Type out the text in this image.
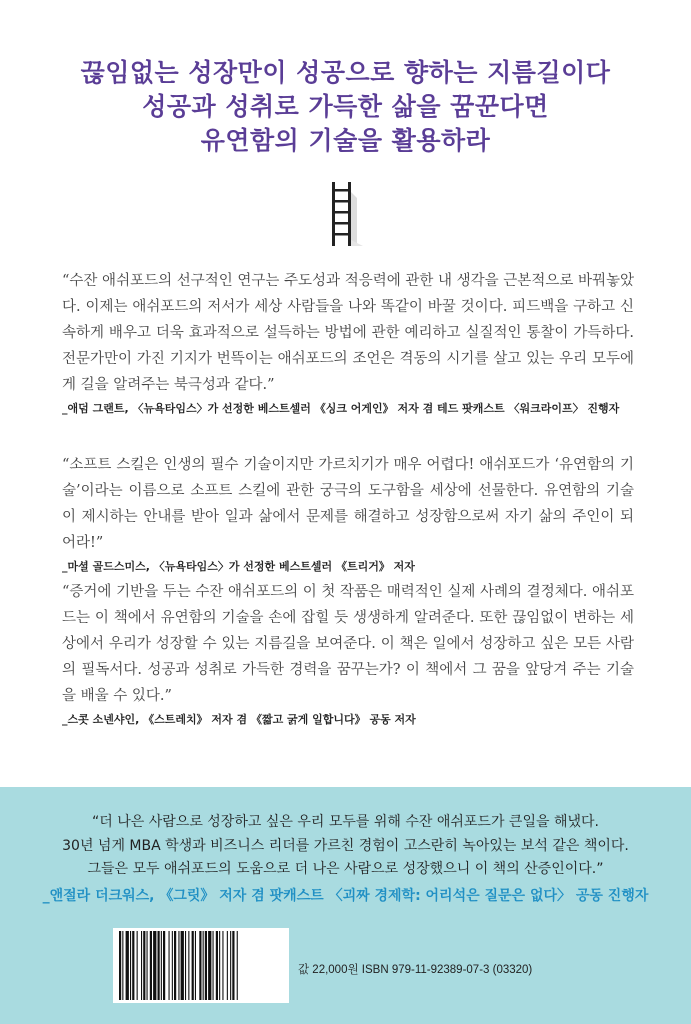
끊임없는 성장만이 성공으로 향하는 지름길이다
성공과 성취로 가득한 삶을 꿈꾼다면
유연함의 기술을 활용하라

“수잔 애쉬포드의 선구적인 연구는 주도성과 적응력에 관한 내 생각을 근본적으로 바꿔놓았다. 이제는 애쉬포드의 저서가 세상 사람들을 나와 똑같이 바꿀 것이다. 피드백을 구하고 신속하게 배우고 더욱 효과적으로 설득하는 방법에 관한 예리하고 실질적인 통찰이 가득하다. 전문가만이 가진 기지가 번뜩이는 애쉬포드의 조언은 격동의 시기를 살고 있는 우리 모두에게 길을 알려주는 북극성과 같다.”

_애덤 그랜트, 〈뉴욕타임스〉가 선정한 베스트셀러 《싱크 어게인》 저자 겸 테드 팟캐스트 〈워크라이프〉 진행자

“소프트 스킬은 인생의 필수 기술이지만 가르치기가 매우 어렵다! 애쉬포드가 ‘유연함의 기술’이라는 이름으로 소프트 스킬에 관한 궁극의 도구함을 세상에 선물한다. 유연함의 기술이 제시하는 안내를 받아 일과 삶에서 문제를 해결하고 성장함으로써 자기 삶의 주인이 되어라!”

_마셜 골드스미스, 〈뉴욕타임스〉가 선정한 베스트셀러 《트리거》 저자

“증거에 기반을 두는 수잔 애쉬포드의 이 첫 작품은 매력적인 실제 사례의 결정체다. 애쉬포드는 이 책에서 유연함의 기술을 손에 잡힐 듯 생생하게 알려준다. 또한 끊임없이 변하는 세상에서 우리가 성장할 수 있는 지름길을 보여준다. 이 책은 일에서 성장하고 싶은 모든 사람의 필독서다. 성공과 성취로 가득한 경력을 꿈꾸는가? 이 책에서 그 꿈을 앞당겨 주는 기술을 배울 수 있다.”

_스콧 소넨샤인, 《스트레치》 저자 겸 《짧고 굵게 일합니다》 공동 저자
“더 나은 사람으로 성장하고 싶은 우리 모두를 위해 수잔 애쉬포드가 큰일을 해냈다.
30년 넘게 MBA 학생과 비즈니스 리더를 가르친 경험이 고스란히 녹아있는 보석 같은 책이다.
그들은 모두 애쉬포드의 도움으로 더 나은 사람으로 성장했으니 이 책의 산증인이다.”
_앤절라 더크워스, 《그릿》 저자 겸 팟캐스트 〈괴짜 경제학: 어리석은 질문은 없다〉 공동 진행자
값 22,000원 ISBN 979-11-92389-07-3 (03320)
